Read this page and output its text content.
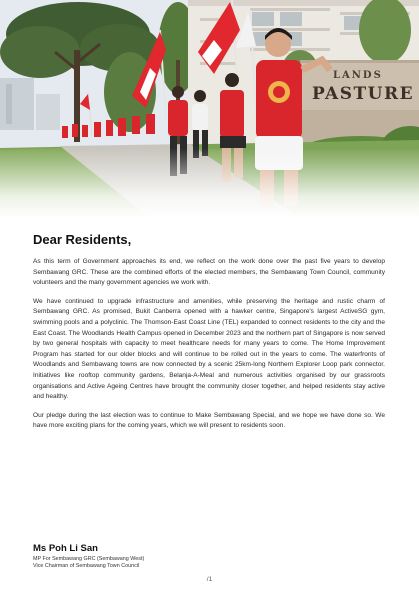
LANDS
PASTURE
Dear Residents,

As this term of Government approaches its end, we reflect on the work done over the past five years to develop Sembawang GRC. These are the combined efforts of the elected members, the Sembawang Town Council, community volunteers and the many government agencies we work with.

We have continued to upgrade infrastructure and amenities, while preserving the heritage and rustic charm of Sembawang GRC. As promised, Bukit Canberra opened with a hawker centre, Singapore's largest ActiveSG gym, swimming pools and a polyclinic. The Thomson-East Coast Line (TEL) expanded to connect residents to the city and the East Coast. The Woodlands Health Campus opened in December 2023 and the northern part of Singapore is now served by two general hospitals with capacity to meet healthcare needs for many years to come. The Home Improvement Program has started for our older blocks and will continue to be rolled out in the years to come. The waterfronts of Woodlands and Sembawang towns are now connected by a scenic 25km-long Northern Explorer Loop park connector. Initiatives like rooftop community gardens, Belanja-A-Meal and numerous activities organised by our grassroots organisations and Active Ageing Centres have brought the community closer together, and helped residents stay active and healthy.

Our pledge during the last election was to continue to Make Sembawang Special, and we hope we have done so. We have more exciting plans for the coming years, which we will present to residents soon.

Ms Poh Li San
MP For Sembawang GRC (Sembawang West)
Vice Chairman of Sembawang Town Council
/1
